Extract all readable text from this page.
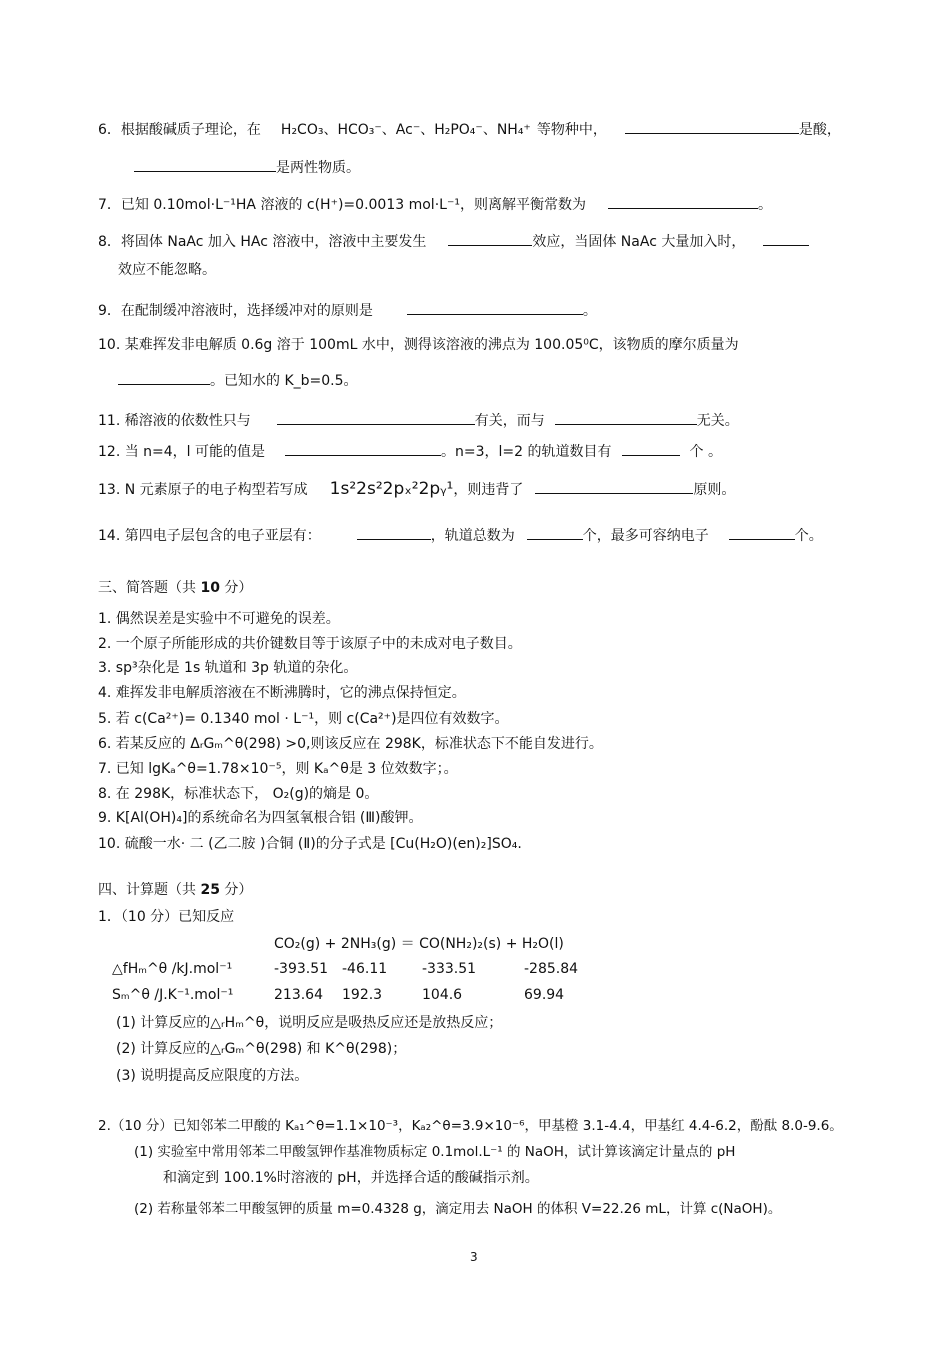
6．根据酸碱质子理论，在 H₂CO₃、HCO₃⁻、Ac⁻、H₂PO₄⁻、NH₄⁺ 等物种中，	是酸，
是两性物质。
7．已知 0.10mol·L⁻¹HA 溶液的 c(H⁺)=0.0013 mol·L⁻¹，则离解平衡常数为	。
8．将固体 NaAc 加入 HAc 溶液中，溶液中主要发生	效应，当固体 NaAc 大量加入时，
效应不能忽略。
9．在配制缓冲溶液时，选择缓冲对的原则是	。
10. 某难挥发非电解质 0.6g 溶于 100mL 水中，测得该溶液的沸点为 100.05⁰C，该物质的摩尔质量为
。已知水的 K_b=0.5。
11. 稀溶液的依数性只与	有关，而与	无关。
12. 当 n=4，l 可能的值是	。n=3，l=2 的轨道数目有	个 。
13. N 元素原子的电子构型若写成 1s²2s²2pₓ²2pᵧ¹，则违背了	原则。
14. 第四电子层包含的电子亚层有：	，轨道总数为	个，最多可容纳电子	个。
三、简答题（共 10 分）
1. 偶然误差是实验中不可避免的误差。
2. 一个原子所能形成的共价键数目等于该原子中的未成对电子数目。
3. sp³杂化是 1s 轨道和 3p 轨道的杂化。
4. 难挥发非电解质溶液在不断沸腾时，它的沸点保持恒定。
5. 若 c(Ca²⁺)= 0.1340 mol · L⁻¹，则 c(Ca²⁺)是四位有效数字。
6. 若某反应的 ΔᵣGₘ^θ(298) >0,则该反应在 298K，标准状态下不能自发进行。
7. 已知 lgKₐ^θ=1.78×10⁻⁵，则 Kₐ^θ是 3 位效数字；。
8. 在 298K，标准状态下， O₂(g)的熵是 0。
9. K[Al(OH)₄]的系统命名为四氢氧根合铝 (Ⅲ)酸钾。
10. 硫酸一水· 二 (乙二胺 )合铜 (Ⅱ)的分子式是 [Cu(H₂O)(en)₂]SO₄.
四、计算题（共 25 分）
1．（10 分）已知反应
	CO₂(g) + 2NH₃(g) ＝ CO(NH₂)₂(s) + H₂O(l)			
△fHₘ^θ /kJ.mol⁻¹	-393.51	-46.11	-333.51	-285.84
Sₘ^θ /J.K⁻¹.mol⁻¹	213.64	192.3	104.6	69.94
(1) 计算反应的△ᵣHₘ^θ，说明反应是吸热反应还是放热反应；
(2) 计算反应的△ᵣGₘ^θ(298) 和 K^θ(298)；
(3) 说明提高反应限度的方法。
2.（10 分）已知邻苯二甲酸的 Kₐ₁^θ=1.1×10⁻³，Kₐ₂^θ=3.9×10⁻⁶，甲基橙 3.1-4.4，甲基红 4.4-6.2，酚酞 8.0-9.6。
(1) 实验室中常用邻苯二甲酸氢钾作基准物质标定 0.1mol.L⁻¹ 的 NaOH，试计算该滴定计量点的 pH
和滴定到 100.1%时溶液的 pH，并选择合适的酸碱指示剂。
(2) 若称量邻苯二甲酸氢钾的质量 m=0.4328 g，滴定用去 NaOH 的体积 V=22.26 mL，计算 c(NaOH)。
3
